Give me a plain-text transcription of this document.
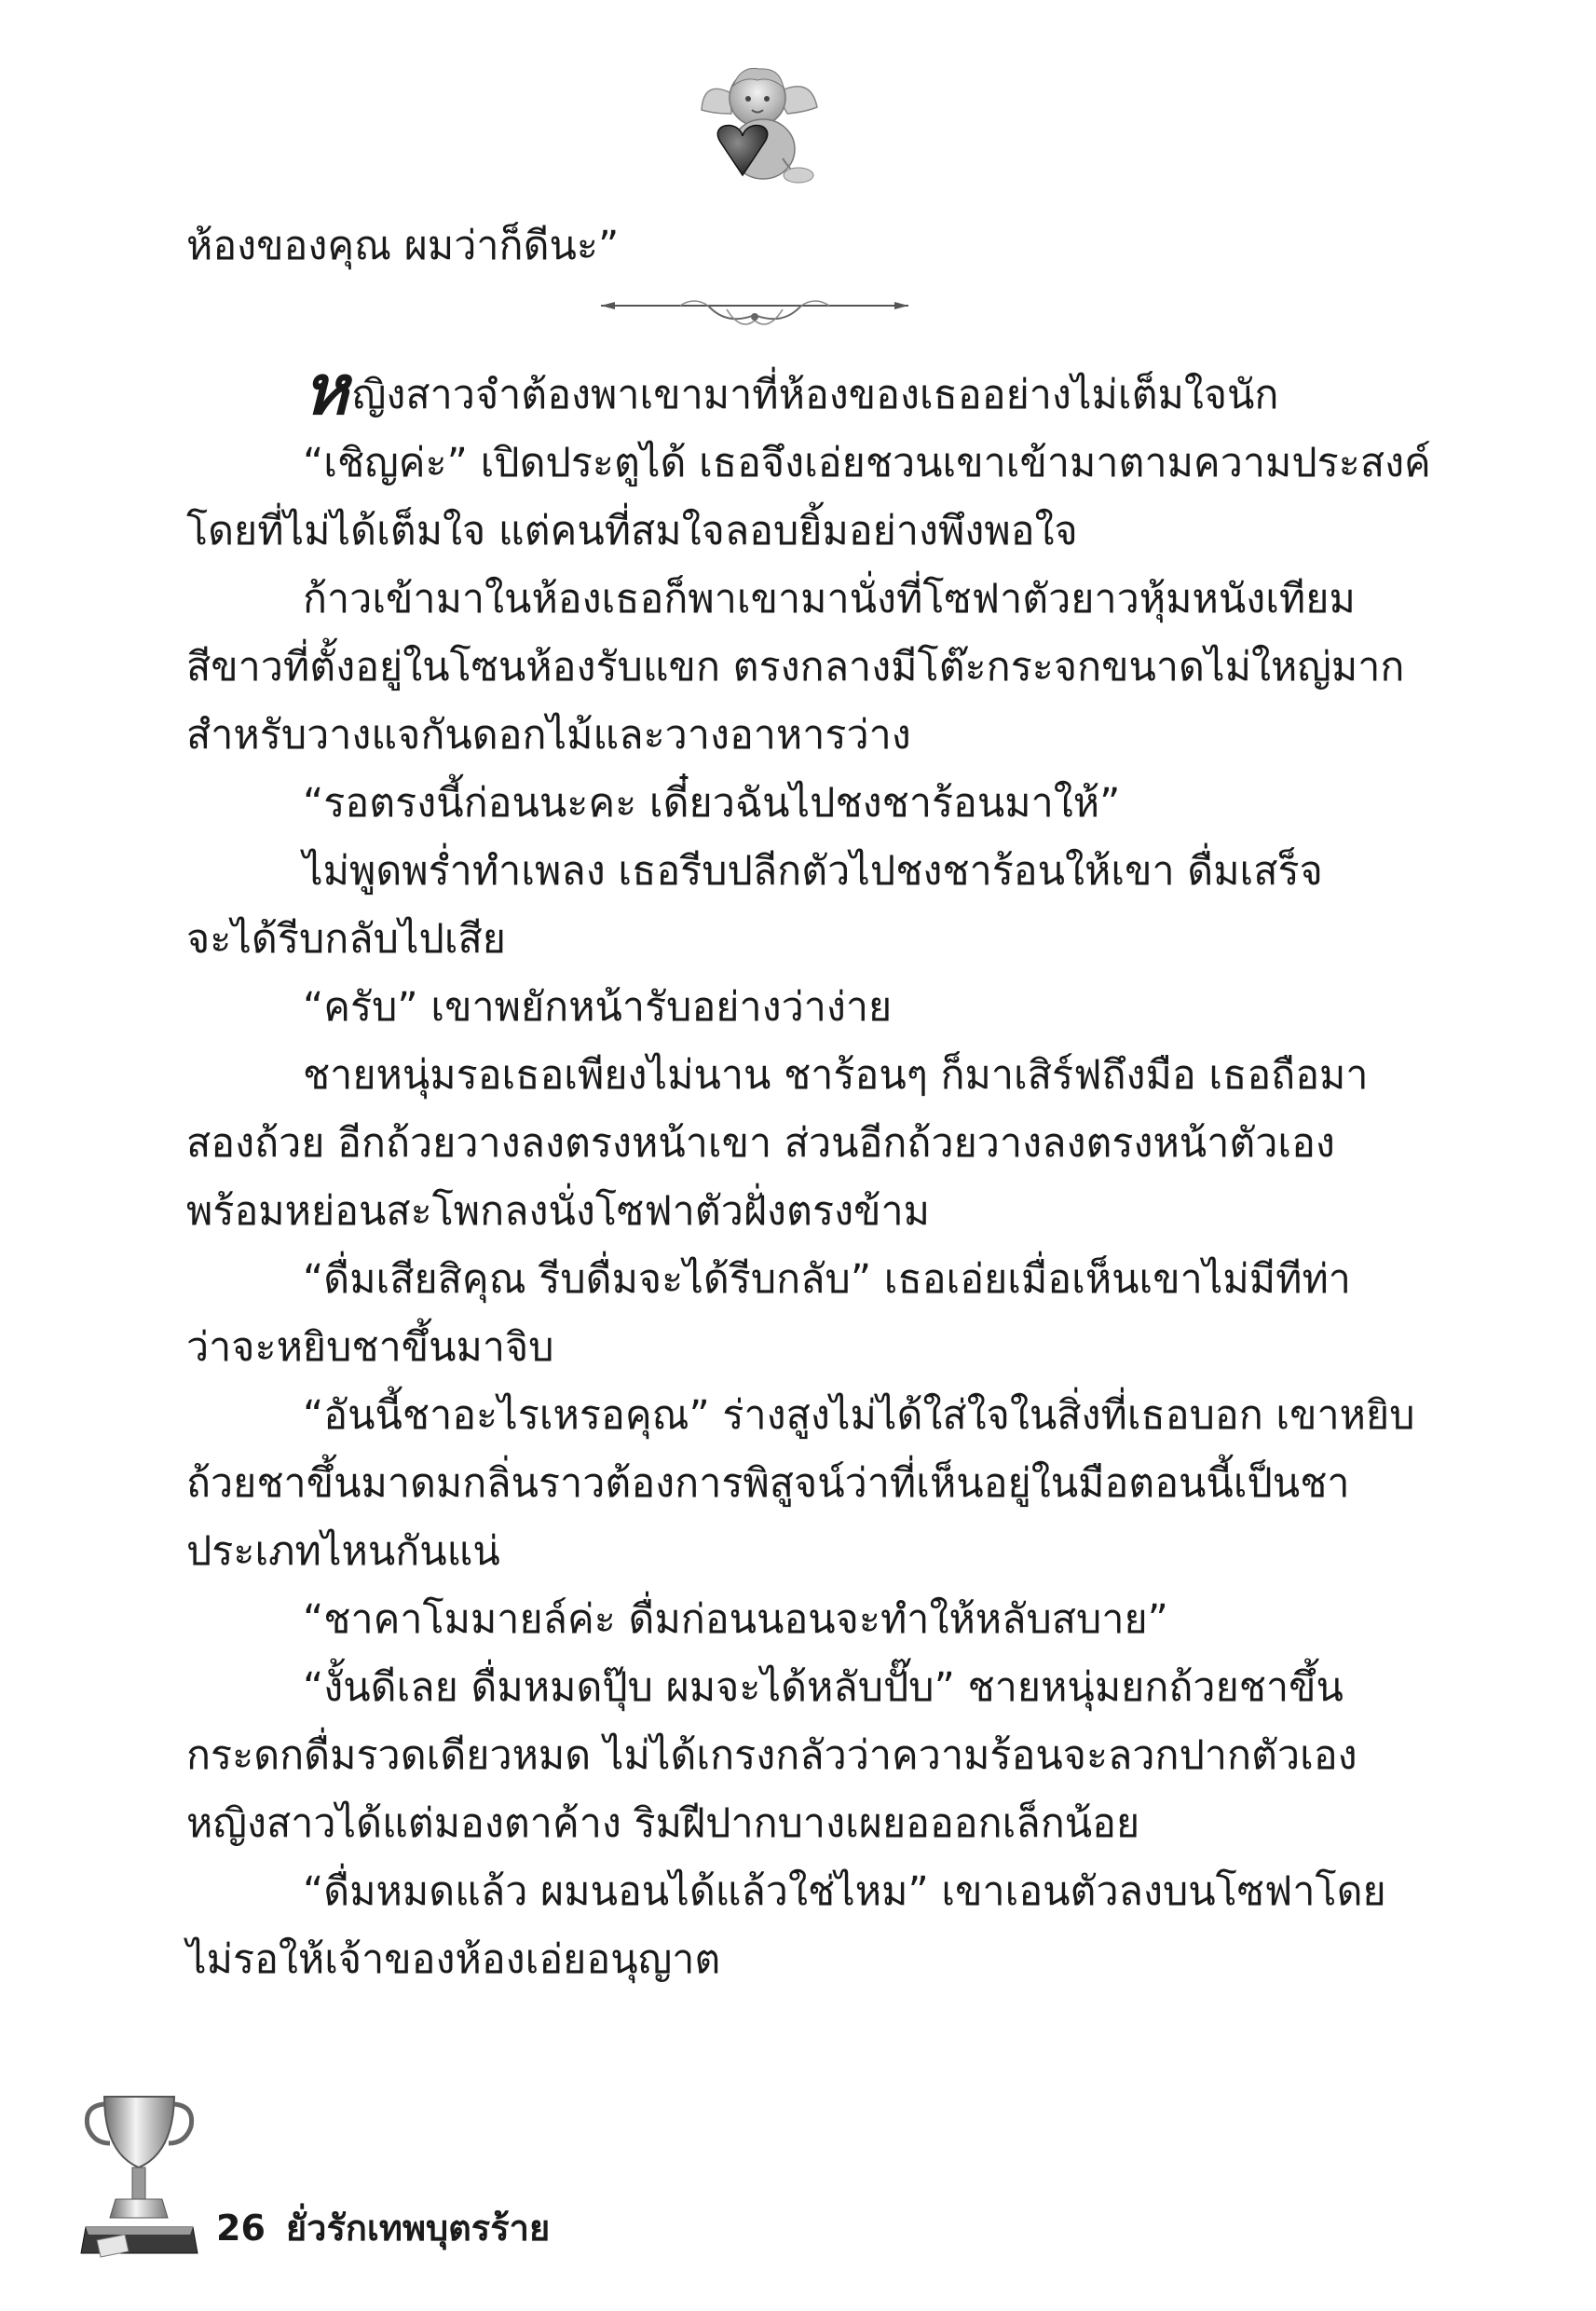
ห้องของคุณ ผมว่าก็ดีนะ”
หญิงสาวจำต้องพาเขามาที่ห้องของเธออย่างไม่เต็มใจนัก
“เชิญค่ะ” เปิดประตูได้ เธอจึงเอ่ยชวนเขาเข้ามาตามความประสงค์
โดยที่ไม่ได้เต็มใจ แต่คนที่สมใจลอบยิ้มอย่างพึงพอใจ
ก้าวเข้ามาในห้องเธอก็พาเขามานั่งที่โซฟาตัวยาวหุ้มหนังเทียม
สีขาวที่ตั้งอยู่ในโซนห้องรับแขก ตรงกลางมีโต๊ะกระจกขนาดไม่ใหญ่มาก
สำหรับวางแจกันดอกไม้และวางอาหารว่าง
“รอตรงนี้ก่อนนะคะ เดี๋ยวฉันไปชงชาร้อนมาให้”
ไม่พูดพร่ำทำเพลง เธอรีบปลีกตัวไปชงชาร้อนให้เขา ดื่มเสร็จ
จะได้รีบกลับไปเสีย
“ครับ” เขาพยักหน้ารับอย่างว่าง่าย
ชายหนุ่มรอเธอเพียงไม่นาน ชาร้อนๆ ก็มาเสิร์ฟถึงมือ เธอถือมา
สองถ้วย อีกถ้วยวางลงตรงหน้าเขา ส่วนอีกถ้วยวางลงตรงหน้าตัวเอง
พร้อมหย่อนสะโพกลงนั่งโซฟาตัวฝั่งตรงข้าม
“ดื่มเสียสิคุณ รีบดื่มจะได้รีบกลับ” เธอเอ่ยเมื่อเห็นเขาไม่มีทีท่า
ว่าจะหยิบชาขึ้นมาจิบ
“อันนี้ชาอะไรเหรอคุณ” ร่างสูงไม่ได้ใส่ใจในสิ่งที่เธอบอก เขาหยิบ
ถ้วยชาขึ้นมาดมกลิ่นราวต้องการพิสูจน์ว่าที่เห็นอยู่ในมือตอนนี้เป็นชา
ประเภทไหนกันแน่
“ชาคาโมมายล์ค่ะ ดื่มก่อนนอนจะทำให้หลับสบาย”
“งั้นดีเลย ดื่มหมดปุ๊บ ผมจะได้หลับปั๊บ” ชายหนุ่มยกถ้วยชาขึ้น
กระดกดื่มรวดเดียวหมด ไม่ได้เกรงกลัวว่าความร้อนจะลวกปากตัวเอง
หญิงสาวได้แต่มองตาค้าง ริมฝีปากบางเผยอออกเล็กน้อย
“ดื่มหมดแล้ว ผมนอนได้แล้วใช่ไหม” เขาเอนตัวลงบนโซฟาโดย
ไม่รอให้เจ้าของห้องเอ่ยอนุญาต
26 ยั่วรักเทพบุตรร้าย
